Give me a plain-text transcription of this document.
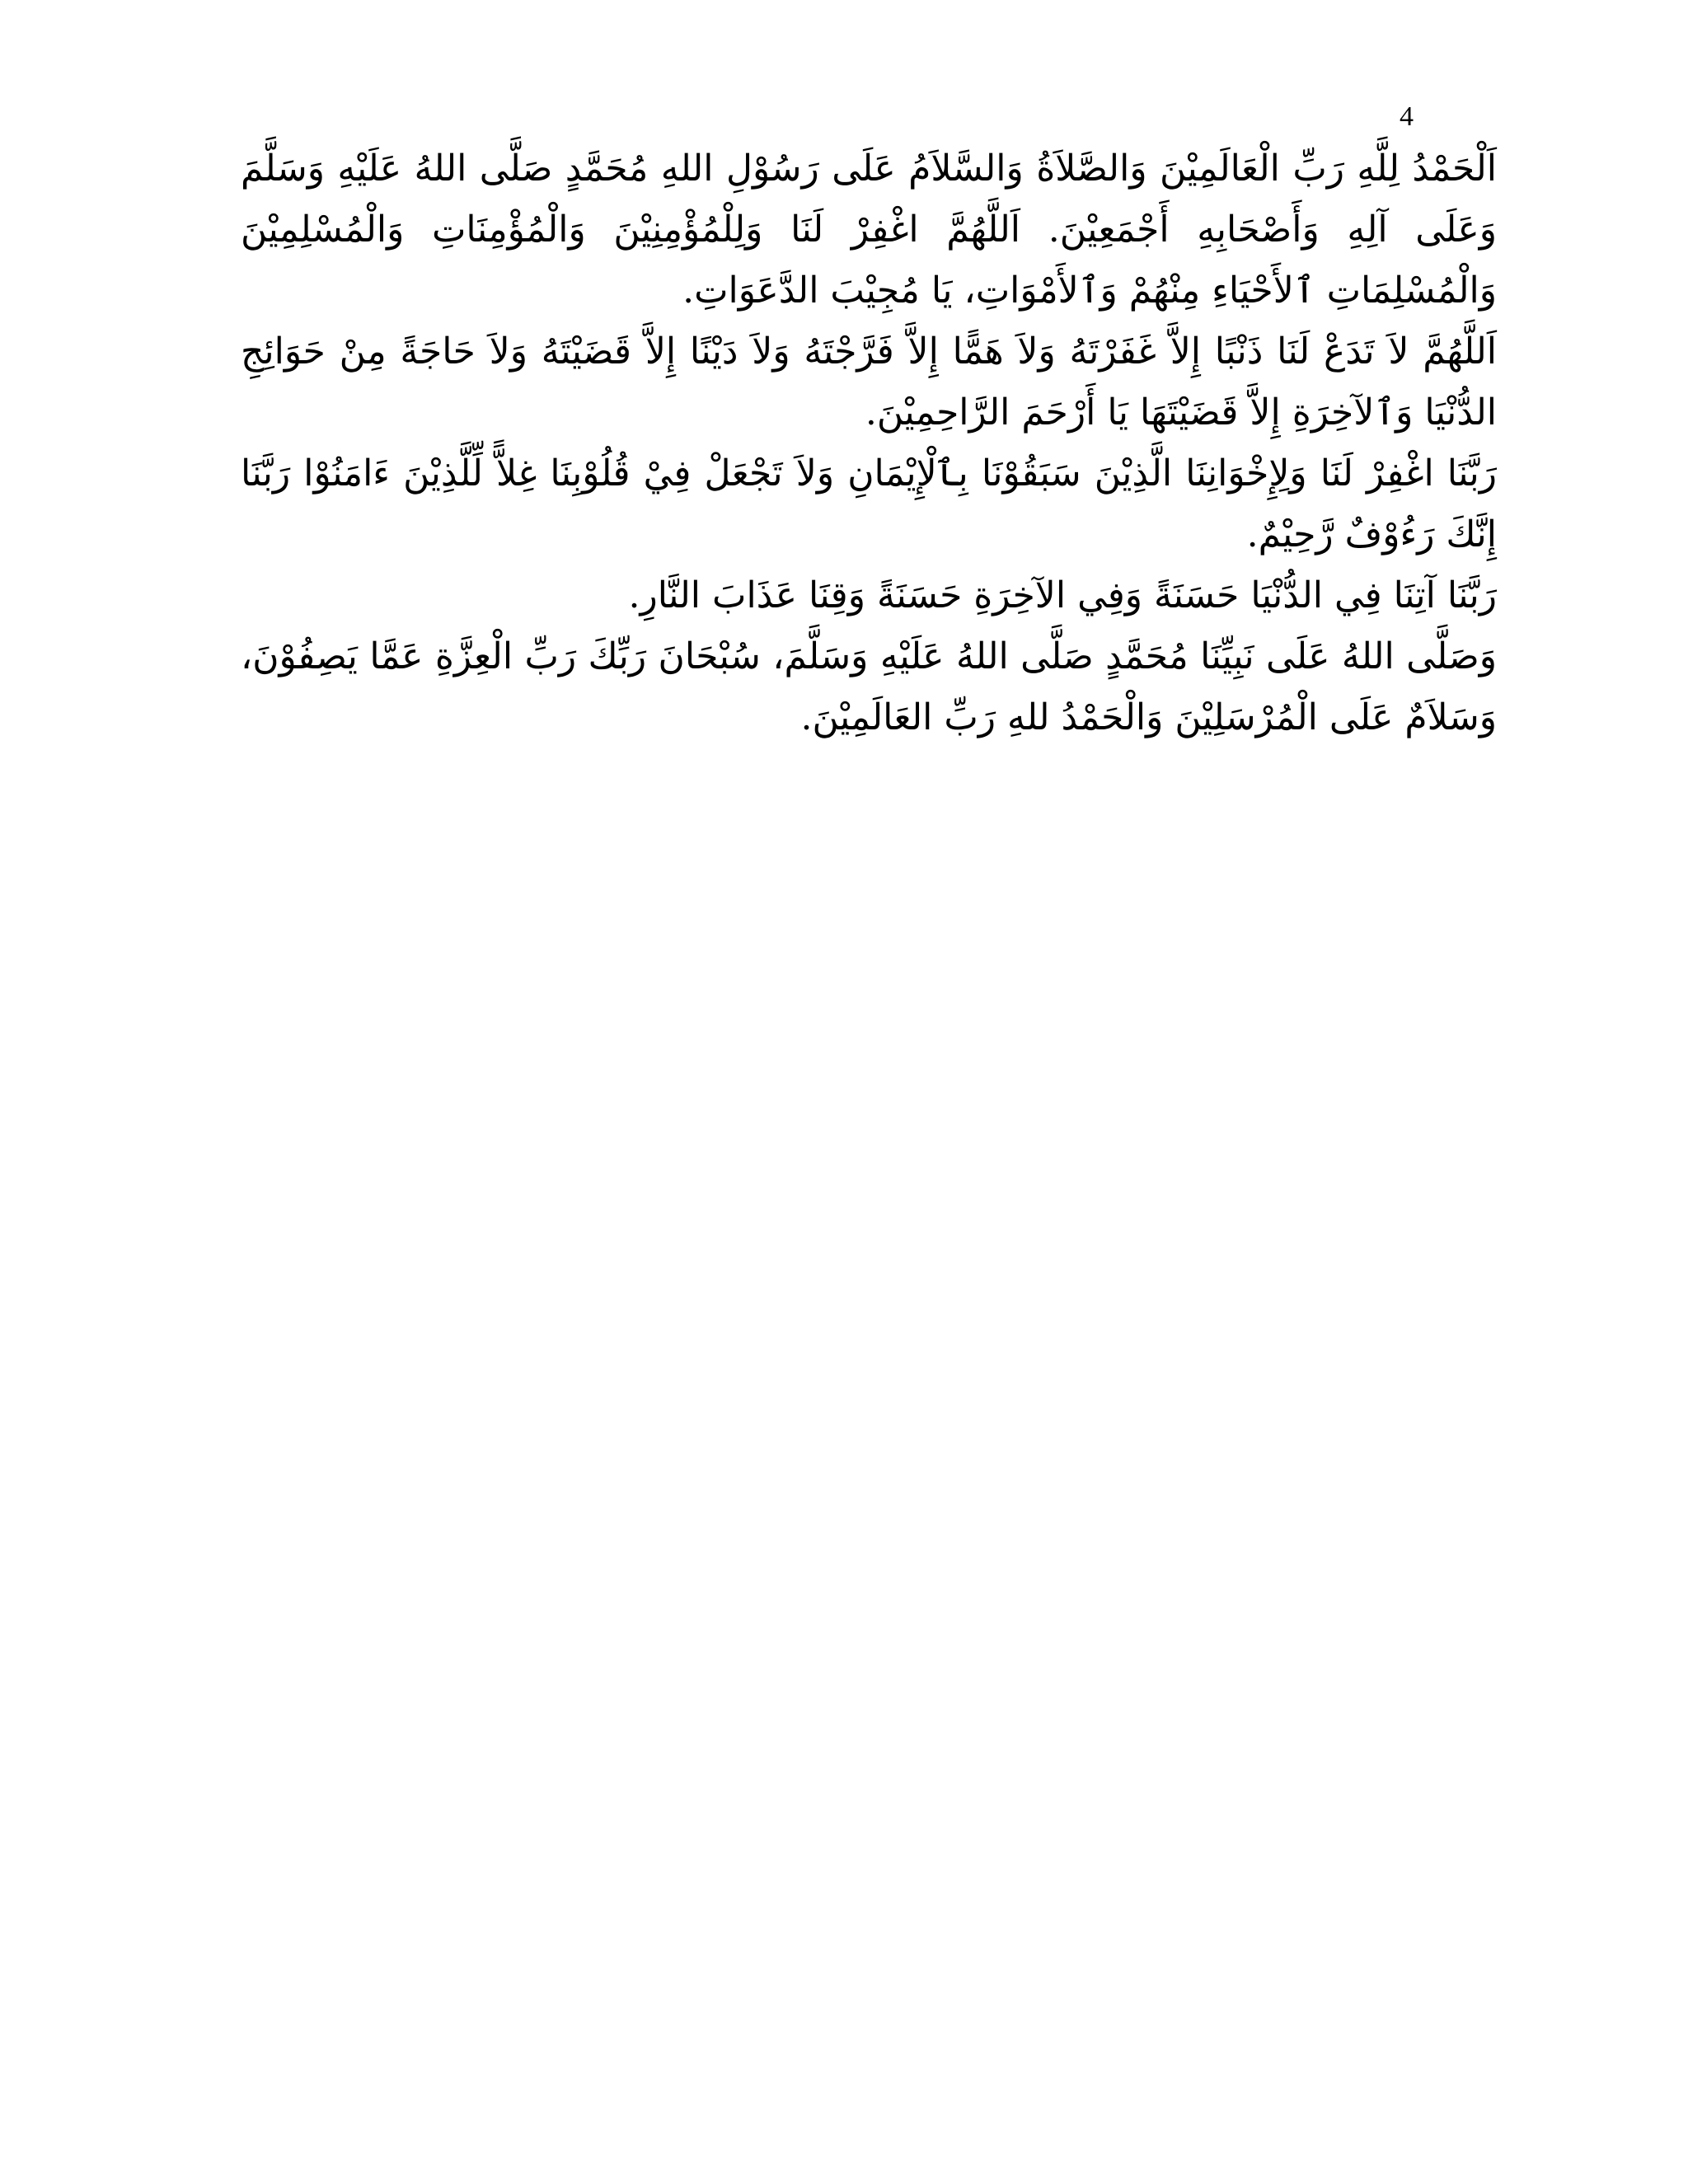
4

اَلْحَمْدُ لِلَّهِ رَبِّ الْعَالَمِيْنَ وَالصَّلاَةُ وَالسَّلاَمُ عَلَى رَسُوْلِ اللهِ مُحَمَّدٍ صَلَّى اللهُ عَلَيْهِ وَسَلَّمَ وَعَلَى آلِهِ وَأَصْحَابِهِ أَجْمَعِيْنَ. اَللَّهُمَّ اغْفِرْ لَنَا وَلِلْمُؤْمِنِيْنَ وَالْمُؤْمِنَاتِ وَالْمُسْلِمِيْنَ وَالْمُسْلِمَاتِ ٱلأَحْيَاءِ مِنْهُمْ وَٱلأَمْوَاتِ، يَا مُجِيْبَ الدَّعَوَاتِ.

اَللَّهُمَّ لاَ تَدَعْ لَنَا ذَنْبًا إِلاَّ غَفَرْتَهُ وَلاَ هَمًّا إِلاَّ فَرَّجْتَهُ وَلاَ دَيْنًا إِلاَّ قَضَيْتَهُ وَلاَ حَاجَةً مِنْ حَوَائِجِ الدُّنْيَا وَٱلآخِرَةِ إِلاَّ قَضَيْتَهَا يَا أَرْحَمَ الرَّاحِمِيْنَ.

رَبَّنَا اغْفِرْ لَنَا وَلِإِخْوَانِنَا الَّذِيْنَ سَبَقُوْنَا بِٱلْإِيْمَانِ وَلاَ تَجْعَلْ فِيْ قُلُوْبِنَا غِلاًّ لِّلَّذِيْنَ ءَامَنُوْا رَبَّنَا إِنَّكَ رَءُوْفٌ رَّحِيْمٌ.

رَبَّنَا آتِنَا فِي الدُّنْيَا حَسَنَةً وَفِي الآخِرَةِ حَسَنَةً وَقِنَا عَذَابَ النَّارِ.

وَصَلَّى اللهُ عَلَى نَبِيِّنَا مُحَمَّدٍ صَلَّى اللهُ عَلَيْهِ وَسَلَّمَ، سُبْحَانَ رَبِّكَ رَبِّ الْعِزَّةِ عَمَّا يَصِفُوْنَ، وَسَلاَمٌ عَلَى الْمُرْسَلِيْنَ وَالْحَمْدُ للهِ رَبِّ العَالَمِيْنَ.
